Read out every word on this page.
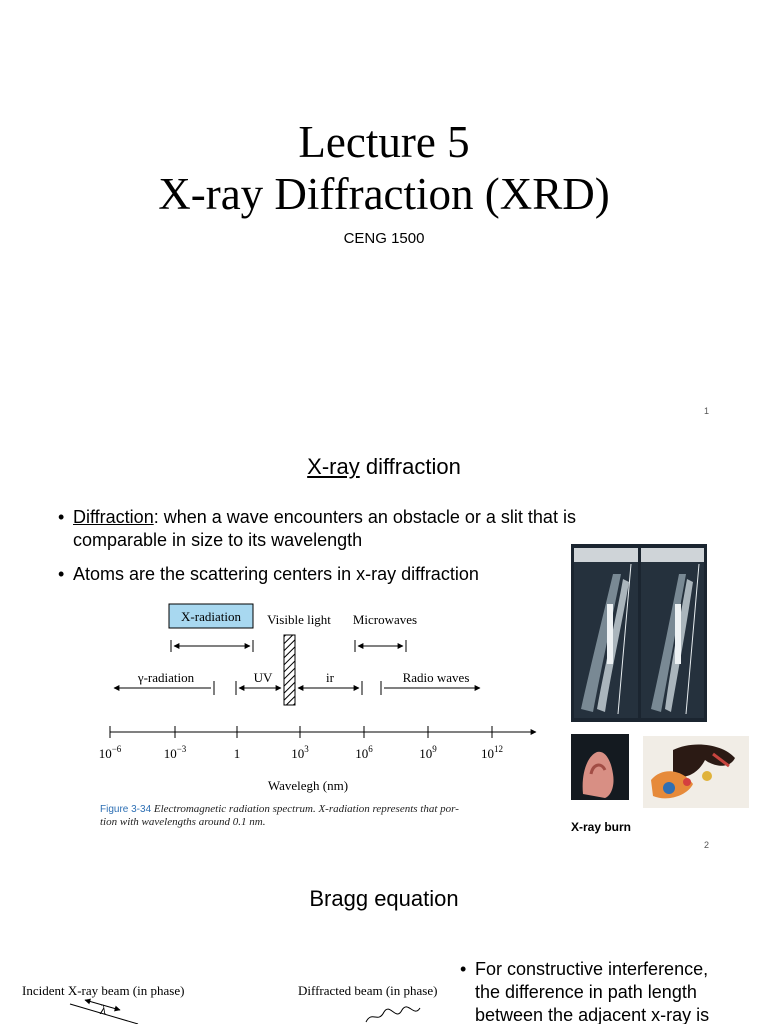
Lecture 5
X-ray Diffraction (XRD)
CENG 1500
1
X-ray diffraction
• Diffraction: when a wave encounters an obstacle or a slit that is
comparable in size to its wavelength
• Atoms are the scattering centers in x-ray diffraction
X-radiation Visible light Microwaves
γ-radiation	UV	ir	Radio waves
$10^{-6}$	$10^{-3}$	1	$10^3$	$10^6$	$10^9$	$10^{12}$
Wavelegh (nm)
Figure 3-34 Electromagnetic radiation spectrum. X-radiation represents that por-
tion with wavelengths around 0.1 nm.	X-ray burn
2
Bragg equation
Incident X-ray beam (in phase)	Diffracted beam (in phase)
λ
• For constructive interference,
the difference in path length
between the adjacent x-ray is
